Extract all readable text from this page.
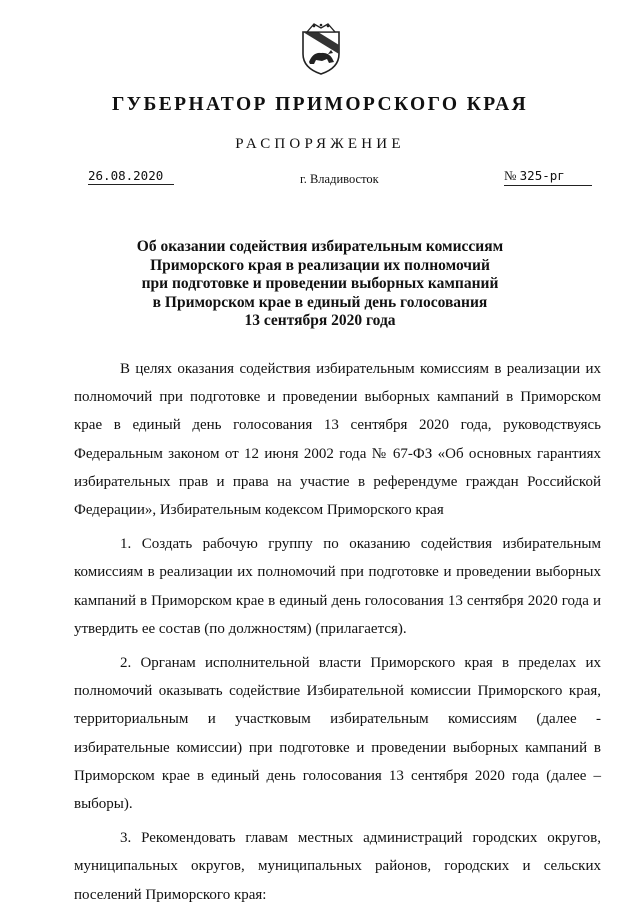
ГУБЕРНАТОР ПРИМОРСКОГО КРАЯ
РАСПОРЯЖЕНИЕ
26.08.2020	г. Владивосток	№ 325-рг
Об оказании содействия избирательным комиссиям
Приморского края в реализации их полномочий
при подготовке и проведении выборных кампаний
в Приморском крае в единый день голосования
13 сентября 2020 года

В целях оказания содействия избирательным комиссиям в реализации их полномочий при подготовке и проведении выборных кампаний в Приморском крае в единый день голосования 13 сентября 2020 года, руководствуясь Федеральным законом от 12 июня 2002 года № 67-ФЗ «Об основных гарантиях избирательных прав и права на участие в референдуме граждан Российской Федерации», Избирательным кодексом Приморского края

1. Создать рабочую группу по оказанию содействия избирательным комиссиям в реализации их полномочий при подготовке и проведении выборных кампаний в Приморском крае в единый день голосования 13 сентября 2020 года и утвердить ее состав (по должностям) (прилагается).

2. Органам исполнительной власти Приморского края в пределах их полномочий оказывать содействие Избирательной комиссии Приморского края, территориальным и участковым избирательным комиссиям (далее - избирательные комиссии) при подготовке и проведении выборных кампаний в Приморском крае в единый день голосования 13 сентября 2020 года (далее – выборы).

3. Рекомендовать главам местных администраций городских округов, муниципальных округов, муниципальных районов, городских и сельских поселений Приморского края:
